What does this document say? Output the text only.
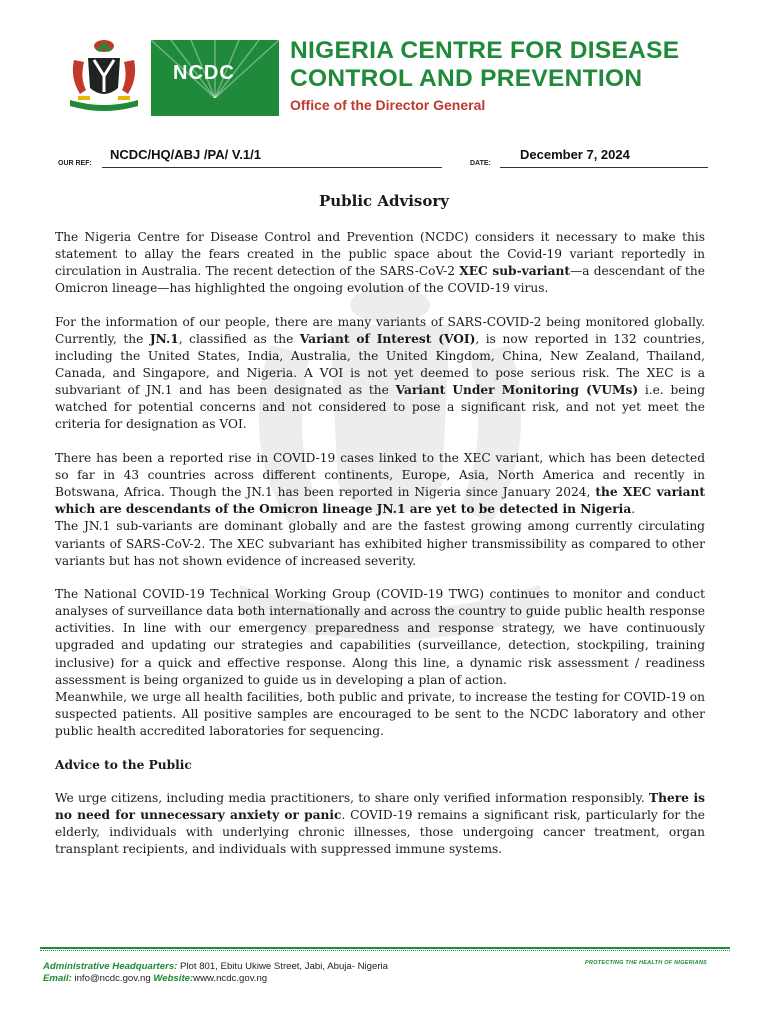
NCDC
NIGERIA CENTRE FOR DISEASE CONTROL AND PREVENTION
NIGERIA CENTRE FOR DISEASE CONTROL AND PREVENTION
Office of the Director General
OUR REF:
NCDC/HQ/ABJ /PA/ V.1/1
DATE:
December 7, 2024
Public Advisory

The Nigeria Centre for Disease Control and Prevention (NCDC) considers it necessary to make this statement to allay the fears created in the public space about the Covid-19 variant reportedly in circulation in Australia. The recent detection of the SARS-CoV-2 XEC sub-variant—a descendant of the Omicron lineage—has highlighted the ongoing evolution of the COVID-19 virus.

For the information of our people, there are many variants of SARS-COVID-2 being monitored globally. Currently, the JN.1, classified as the Variant of Interest (VOI), is now reported in 132 countries, including the United States, India, Australia, the United Kingdom, China, New Zealand, Thailand, Canada, and Singapore, and Nigeria. A VOI is not yet deemed to pose serious risk. The XEC is a subvariant of JN.1 and has been designated as the Variant Under Monitoring (VUMs) i.e. being watched for potential concerns and not considered to pose a significant risk, and not yet meet the criteria for designation as VOI.

There has been a reported rise in COVID-19 cases linked to the XEC variant, which has been detected so far in 43 countries across different continents, Europe, Asia, North America and recently in Botswana, Africa. Though the JN.1 has been reported in Nigeria since January 2024, the XEC variant which are descendants of the Omicron lineage JN.1 are yet to be detected in Nigeria.

The JN.1 sub-variants are dominant globally and are the fastest growing among currently circulating variants of SARS-CoV-2. The XEC subvariant has exhibited higher transmissibility as compared to other variants but has not shown evidence of increased severity.

The National COVID-19 Technical Working Group (COVID-19 TWG) continues to monitor and conduct analyses of surveillance data both internationally and across the country to guide public health response activities. In line with our emergency preparedness and response strategy, we have continuously upgraded and updating our strategies and capabilities (surveillance, detection, stockpiling, training inclusive) for a quick and effective response. Along this line, a dynamic risk assessment / readiness assessment is being organized to guide us in developing a plan of action.

Meanwhile, we urge all health facilities, both public and private, to increase the testing for COVID-19 on suspected patients. All positive samples are encouraged to be sent to the NCDC laboratory and other public health accredited laboratories for sequencing.

Advice to the Public

We urge citizens, including media practitioners, to share only verified information responsibly. There is no need for unnecessary anxiety or panic. COVID-19 remains a significant risk, particularly for the elderly, individuals with underlying chronic illnesses, those undergoing cancer treatment, organ transplant recipients, and individuals with suppressed immune systems.

Administrative Headquarters: Plot 801, Ebitu Ukiwe Street, Jabi, Abuja- Nigeria
Email: info@ncdc.gov.ng Website:www.ncdc.gov.ng
PROTECTING THE HEALTH OF NIGERIANS
